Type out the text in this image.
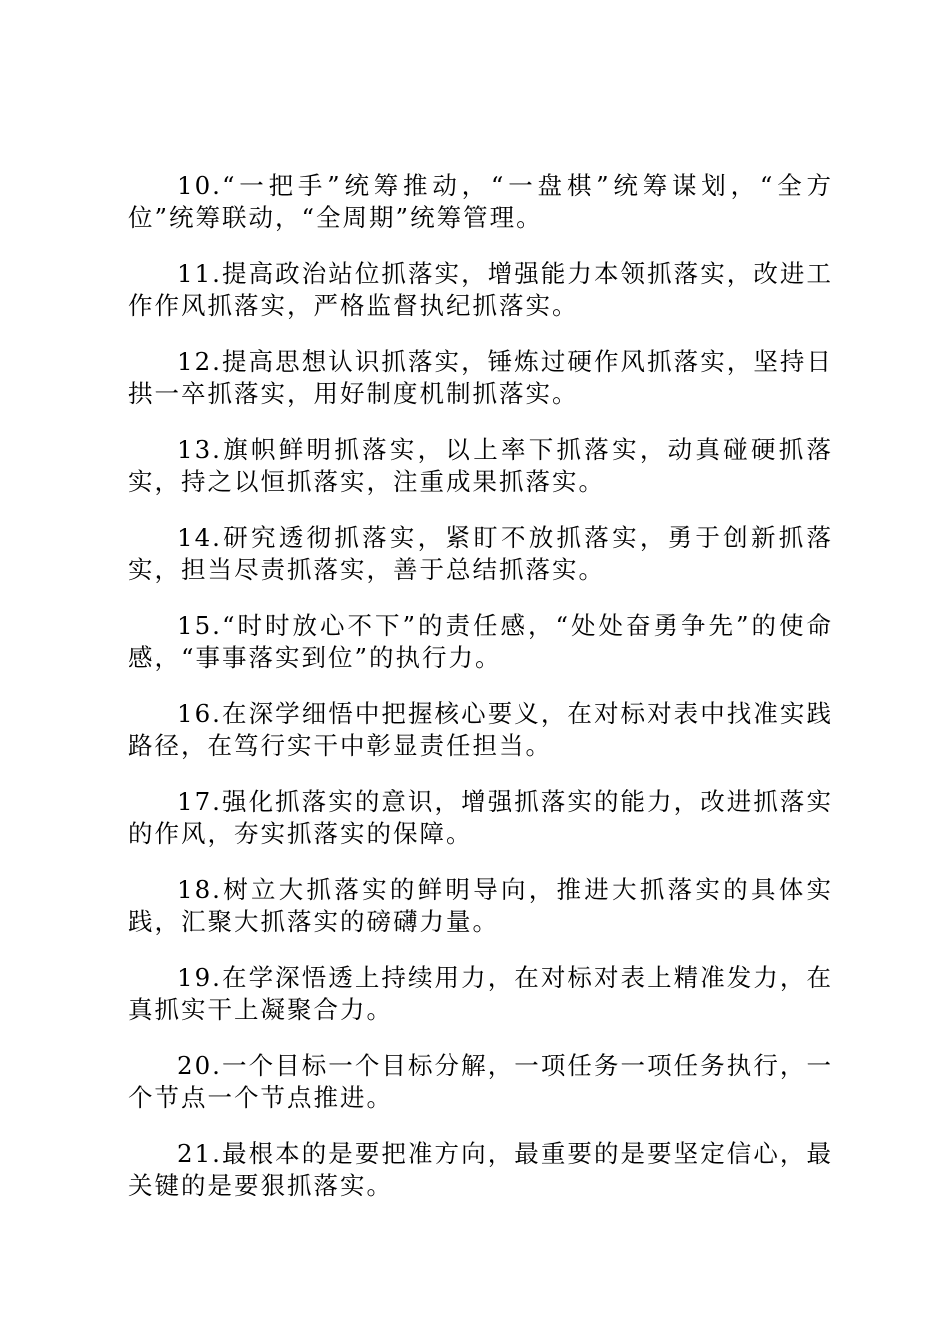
10.“一把手”统筹推动，“一盘棋”统筹谋划，“全方位”统筹联动，“全周期”统筹管理。

11.提高政治站位抓落实，增强能力本领抓落实，改进工作作风抓落实，严格监督执纪抓落实。

12.提高思想认识抓落实，锤炼过硬作风抓落实，坚持日拱一卒抓落实，用好制度机制抓落实。

13.旗帜鲜明抓落实，以上率下抓落实，动真碰硬抓落实，持之以恒抓落实，注重成果抓落实。

14.研究透彻抓落实，紧盯不放抓落实，勇于创新抓落实，担当尽责抓落实，善于总结抓落实。

15.“时时放心不下”的责任感，“处处奋勇争先”的使命感，“事事落实到位”的执行力。

16.在深学细悟中把握核心要义，在对标对表中找准实践路径，在笃行实干中彰显责任担当。

17.强化抓落实的意识，增强抓落实的能力，改进抓落实的作风，夯实抓落实的保障。

18.树立大抓落实的鲜明导向，推进大抓落实的具体实践，汇聚大抓落实的磅礴力量。

19.在学深悟透上持续用力，在对标对表上精准发力，在真抓实干上凝聚合力。

20.一个目标一个目标分解，一项任务一项任务执行，一个节点一个节点推进。

21.最根本的是要把准方向，最重要的是要坚定信心，最关键的是要狠抓落实。
